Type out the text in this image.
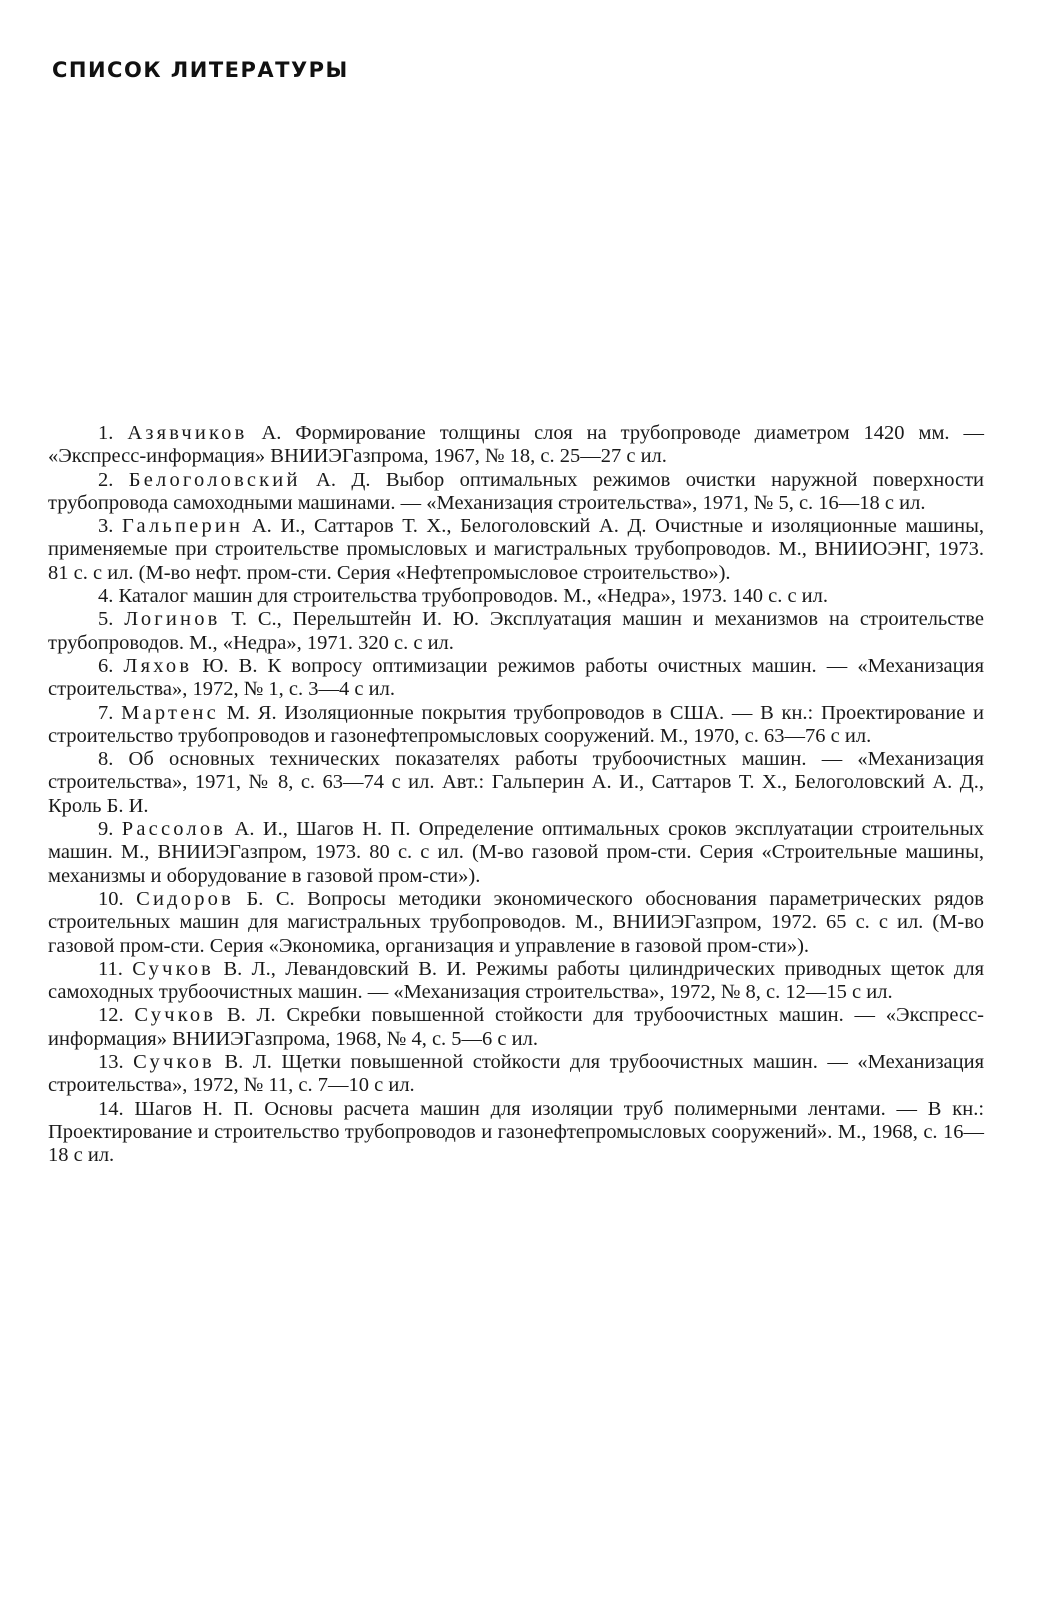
СПИСОК ЛИТЕРАТУРЫ
1. Азявчиков А. Формирование толщины слоя на трубопроводе диаметром 1420 мм. — «Экспресс-информация» ВНИИЭГазпрома, 1967, № 18, с. 25—27 с ил.
2. Белоголовский А. Д. Выбор оптимальных режимов очистки наружной поверхности трубопровода самоходными машинами. — «Механизация строительства», 1971, № 5, с. 16—18 с ил.
3. Гальперин А. И., Саттаров Т. Х., Белоголовский А. Д. Очистные и изоляционные машины, применяемые при строительстве промысловых и магистральных трубопроводов. М., ВНИИОЭНГ, 1973. 81 с. с ил. (М-во нефт. пром-сти. Серия «Нефтепромысловое строительство»).
4. Каталог машин для строительства трубопроводов. М., «Недра», 1973. 140 с. с ил.
5. Логинов Т. С., Перельштейн И. Ю. Эксплуатация машин и механизмов на строительстве трубопроводов. М., «Недра», 1971. 320 с. с ил.
6. Ляхов Ю. В. К вопросу оптимизации режимов работы очистных машин. — «Механизация строительства», 1972, № 1, с. 3—4 с ил.
7. Мартенс М. Я. Изоляционные покрытия трубопроводов в США. — В кн.: Проектирование и строительство трубопроводов и газонефтепромысловых сооружений. М., 1970, с. 63—76 с ил.
8. Об основных технических показателях работы трубоочистных машин. — «Механизация строительства», 1971, № 8, с. 63—74 с ил. Авт.: Гальперин А. И., Саттаров Т. Х., Белоголовский А. Д., Кроль Б. И.
9. Рассолов А. И., Шагов Н. П. Определение оптимальных сроков эксплуатации строительных машин. М., ВНИИЭГазпром, 1973. 80 с. с ил. (М-во газовой пром-сти. Серия «Строительные машины, механизмы и оборудование в газовой пром-сти»).
10. Сидоров Б. С. Вопросы методики экономического обоснования параметрических рядов строительных машин для магистральных трубопроводов. М., ВНИИЭГазпром, 1972. 65 с. с ил. (М-во газовой пром-сти. Серия «Экономика, организация и управление в газовой пром-сти»).
11. Сучков В. Л., Левандовский В. И. Режимы работы цилиндрических приводных щеток для самоходных трубоочистных машин. — «Механизация строительства», 1972, № 8, с. 12—15 с ил.
12. Сучков В. Л. Скребки повышенной стойкости для трубоочистных машин. — «Экспресс-информация» ВНИИЭГазпрома, 1968, № 4, с. 5—6 с ил.
13. Сучков В. Л. Щетки повышенной стойкости для трубоочистных машин. — «Механизация строительства», 1972, № 11, с. 7—10 с ил.
14. Шагов Н. П. Основы расчета машин для изоляции труб полимерными лентами. — В кн.: Проектирование и строительство трубопроводов и газонефтепромысловых сооружений». М., 1968, с. 16—18 с ил.
